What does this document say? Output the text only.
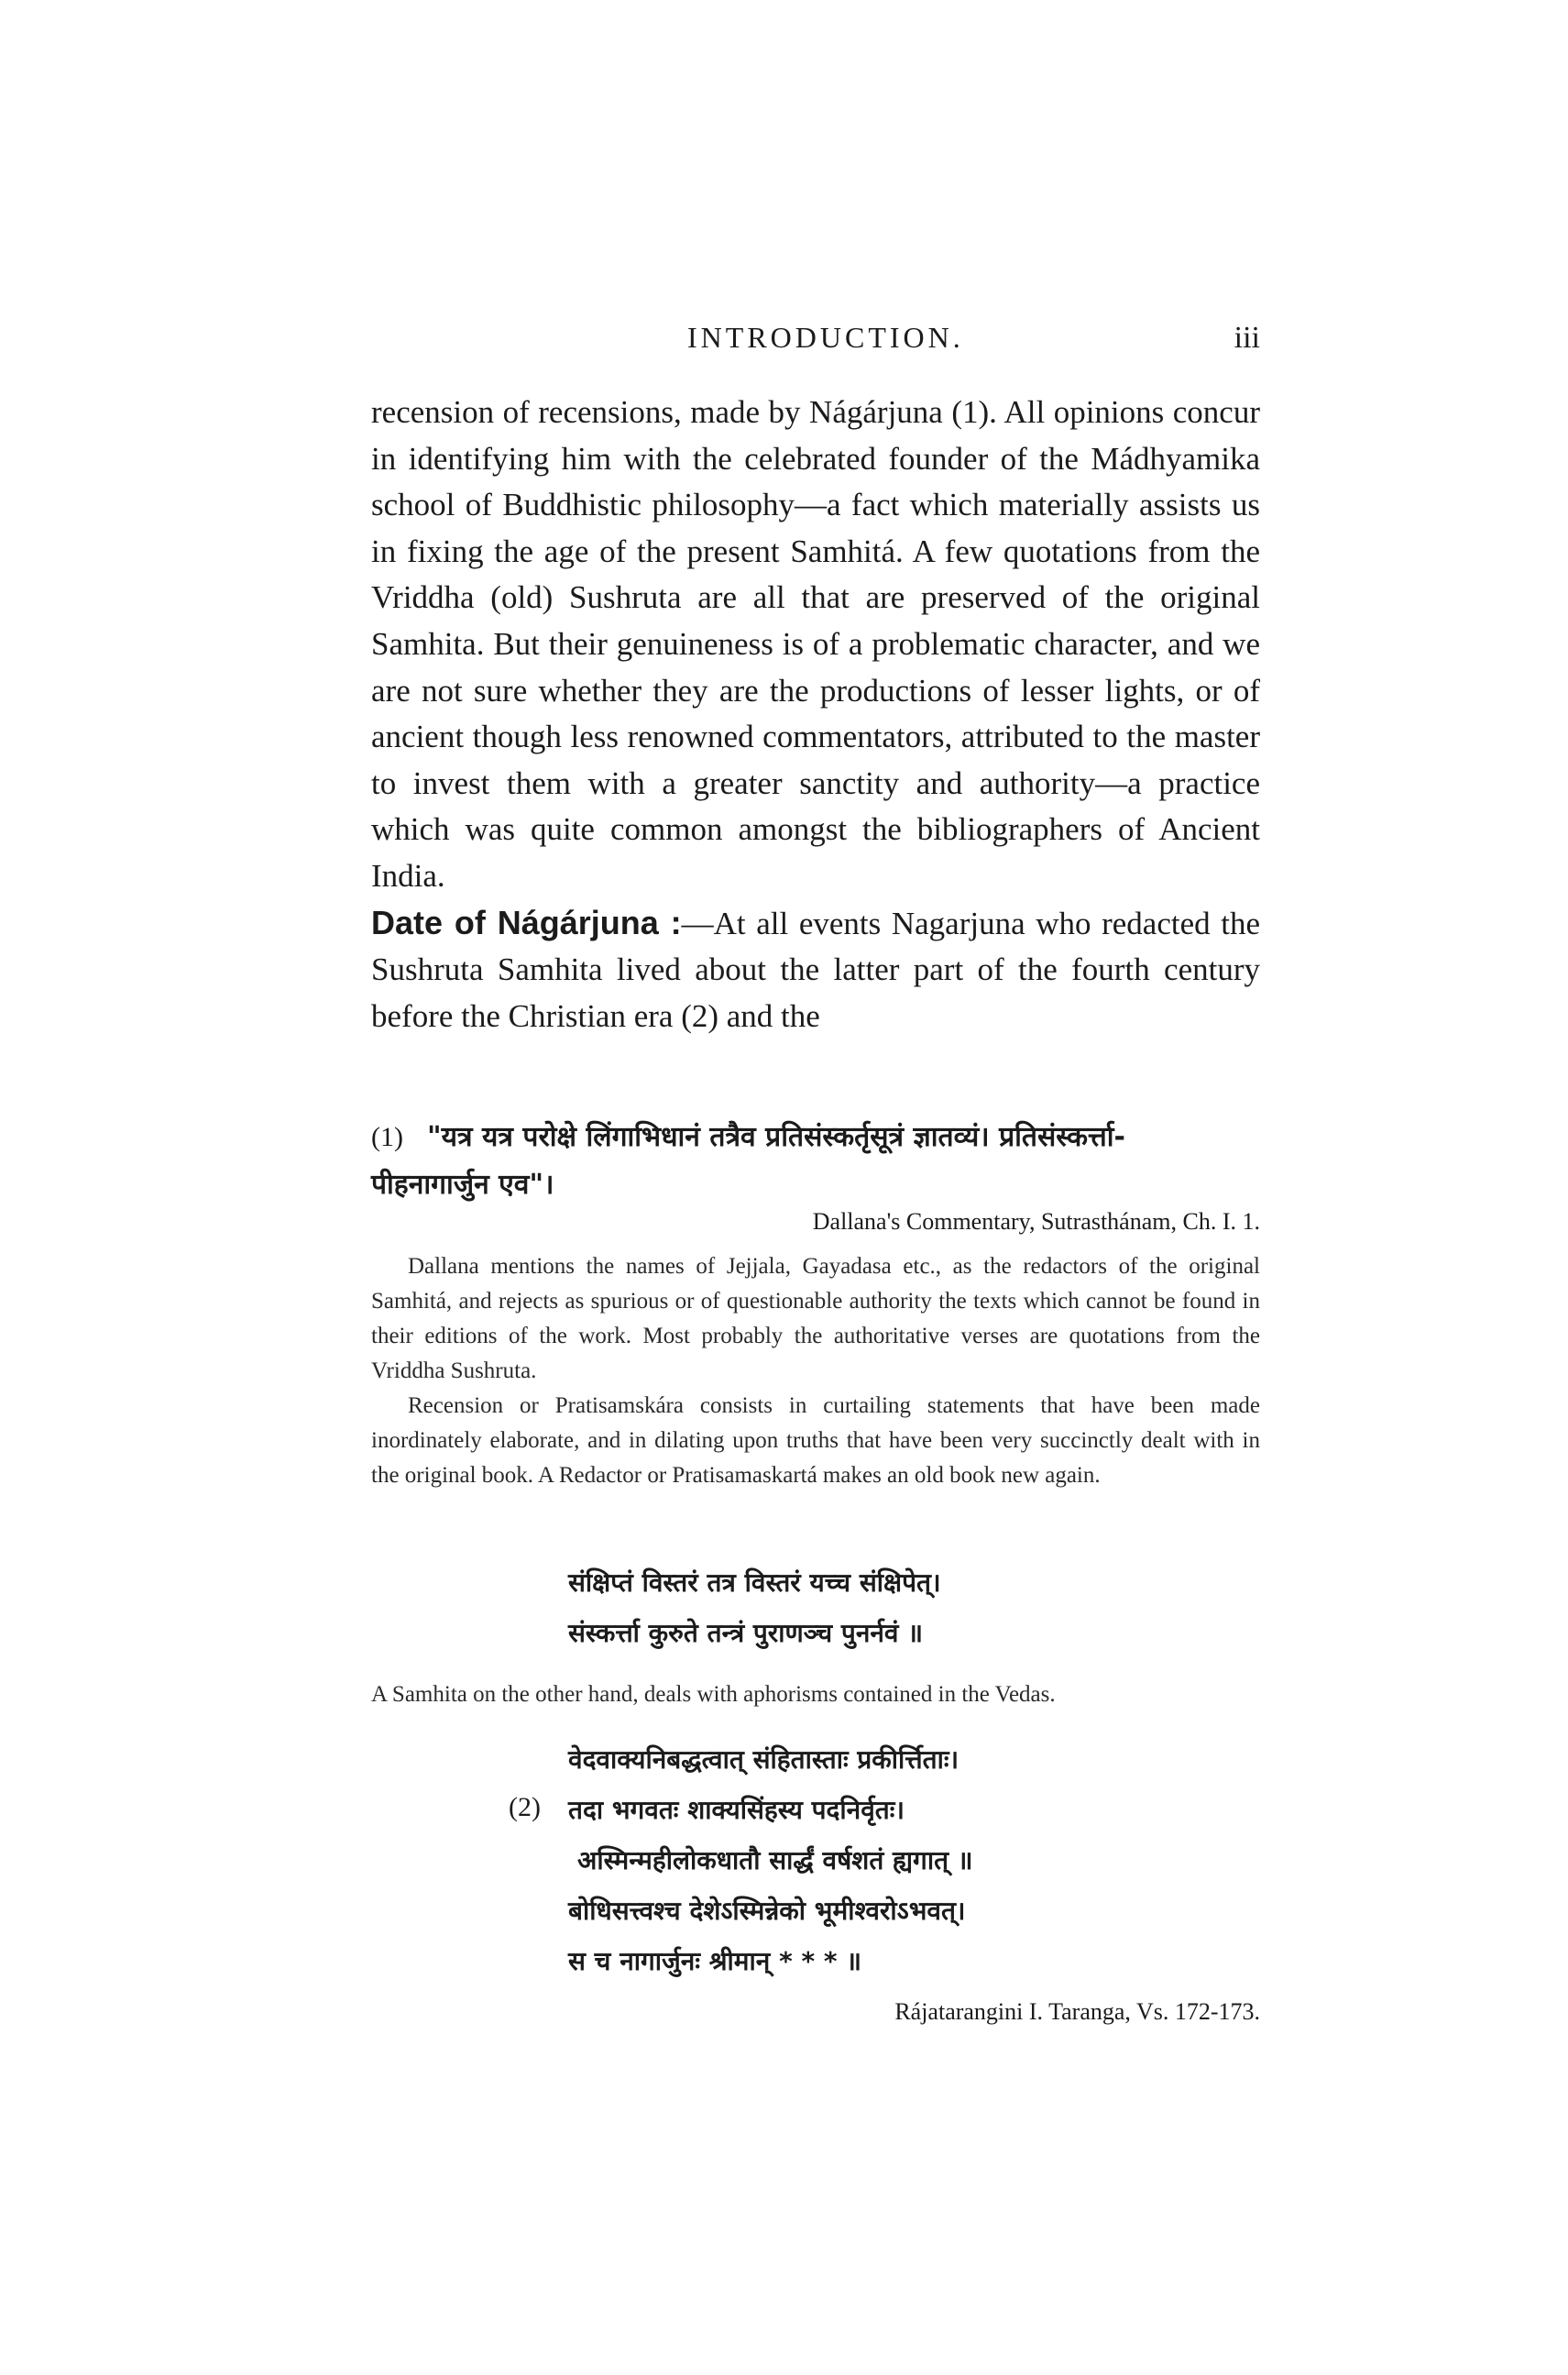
INTRODUCTION.	iii

recension of recensions, made by Nágárjuna (1). All opinions concur in identifying him with the celebrated founder of the Mádhyamika school of Buddhistic philosophy—a fact which materially assists us in fixing the age of the present Samhitá. A few quotations from the Vriddha (old) Sushruta are all that are preserved of the original Samhita. But their genuineness is of a problematic character, and we are not sure whether they are the productions of lesser lights, or of ancient though less renowned commentators, attributed to the master to invest them with a greater sanctity and authority—a practice which was quite common amongst the bibliographers of Ancient India.

Date of Nágárjuna :—At all events Nagarjuna who redacted the Sushruta Samhita lived about the latter part of the fourth century before the Christian era (2) and the

(1) "यत्र यत्र परोक्षे लिंगाभिधानं तत्रैव प्रतिसंस्कर्तृसूत्रं ज्ञातव्यं। प्रतिसंस्कर्त्ता-
पीहनागार्जुन एव"।
Dallana's Commentary, Sutrasthánam, Ch. I. 1.

Dallana mentions the names of Jejjala, Gayadasa etc., as the redactors of the original Samhitá, and rejects as spurious or of questionable authority the texts which cannot be found in their editions of the work. Most probably the authoritative verses are quotations from the Vriddha Sushruta.

Recension or Pratisamskára consists in curtailing statements that have been made inordinately elaborate, and in dilating upon truths that have been very succinctly dealt with in the original book. A Redactor or Pratisamaskartá makes an old book new again.

संक्षिप्तं विस्तरं तत्र विस्तरं यच्च संक्षिपेत्।
संस्कर्त्ता कुरुते तन्त्रं पुराणञ्च पुनर्नवं ॥
A Samhita on the other hand, deals with aphorisms contained in the Vedas.
वेदवाक्यनिबद्धत्वात् संहितास्ताः प्रकीर्त्तिताः।
(2) तदा भगवतः शाक्यसिंहस्य पदनिर्वृतः।
अस्मिन्महीलोकधातौ सार्द्धं वर्षशतं ह्यगात् ॥
बोधिसत्त्वश्च देशेऽस्मिन्नेको भूमीश्वरोऽभवत्।
स च नागार्जुनः श्रीमान् * * * ॥
Rájatarangini I. Taranga, Vs. 172-173.
